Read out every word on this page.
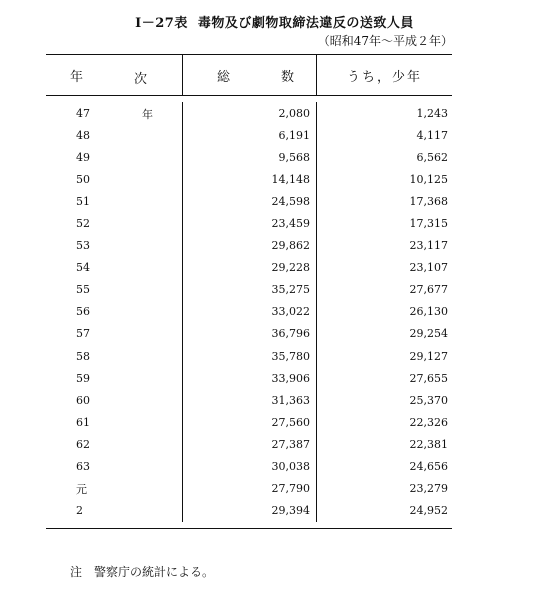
I－27表 毒物及び劇物取締法違反の送致人員
（昭和47年〜平成２年）
年	次	総	数	うち，少年
47	年	2,080	1,243
48	6,191	4,117
49	9,568	6,562
50	14,148	10,125
51	24,598	17,368
52	23,459	17,315
53	29,862	23,117
54	29,228	23,107
55	35,275	27,677
56	33,022	26,130
57	36,796	29,254
58	35,780	29,127
59	33,906	27,655
60	31,363	25,370
61	27,560	22,326
62	27,387	22,381
63	30,038	24,656
元	27,790	23,279
2	29,394	24,952
注 警察庁の統計による。
